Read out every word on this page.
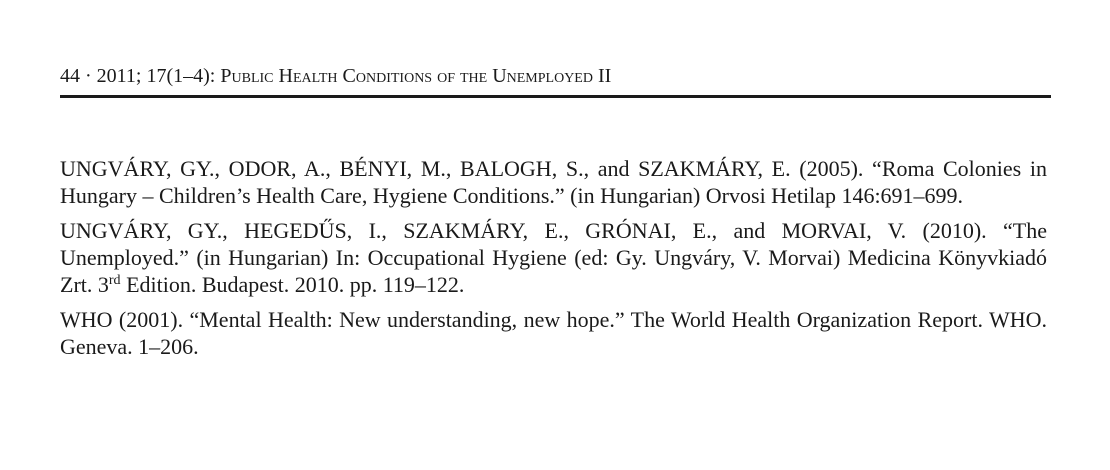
44 · 2011; 17(1–4): Public Health Conditions of the Unemployed II

UNGVÁRY, GY., ODOR, A., BÉNYI, M., BALOGH, S., and SZAKMÁRY, E. (2005). “Roma Colonies in Hungary – Children’s Health Care, Hygiene Conditions.” (in Hungarian) Orvosi Hetilap 146:691–699.

UNGVÁRY, GY., HEGEDŰS, I., SZAKMÁRY, E., GRÓNAI, E., and MORVAI, V. (2010). “The Unemployed.” (in Hungarian) In: Occupational Hygiene (ed: Gy. Ungváry, V. Morvai) Medicina Könyvkiadó Zrt. 3rd Edition. Budapest. 2010. pp. 119–122.

WHO (2001). “Mental Health: New understanding, new hope.” The World Health Organization Report. WHO. Geneva. 1–206.
